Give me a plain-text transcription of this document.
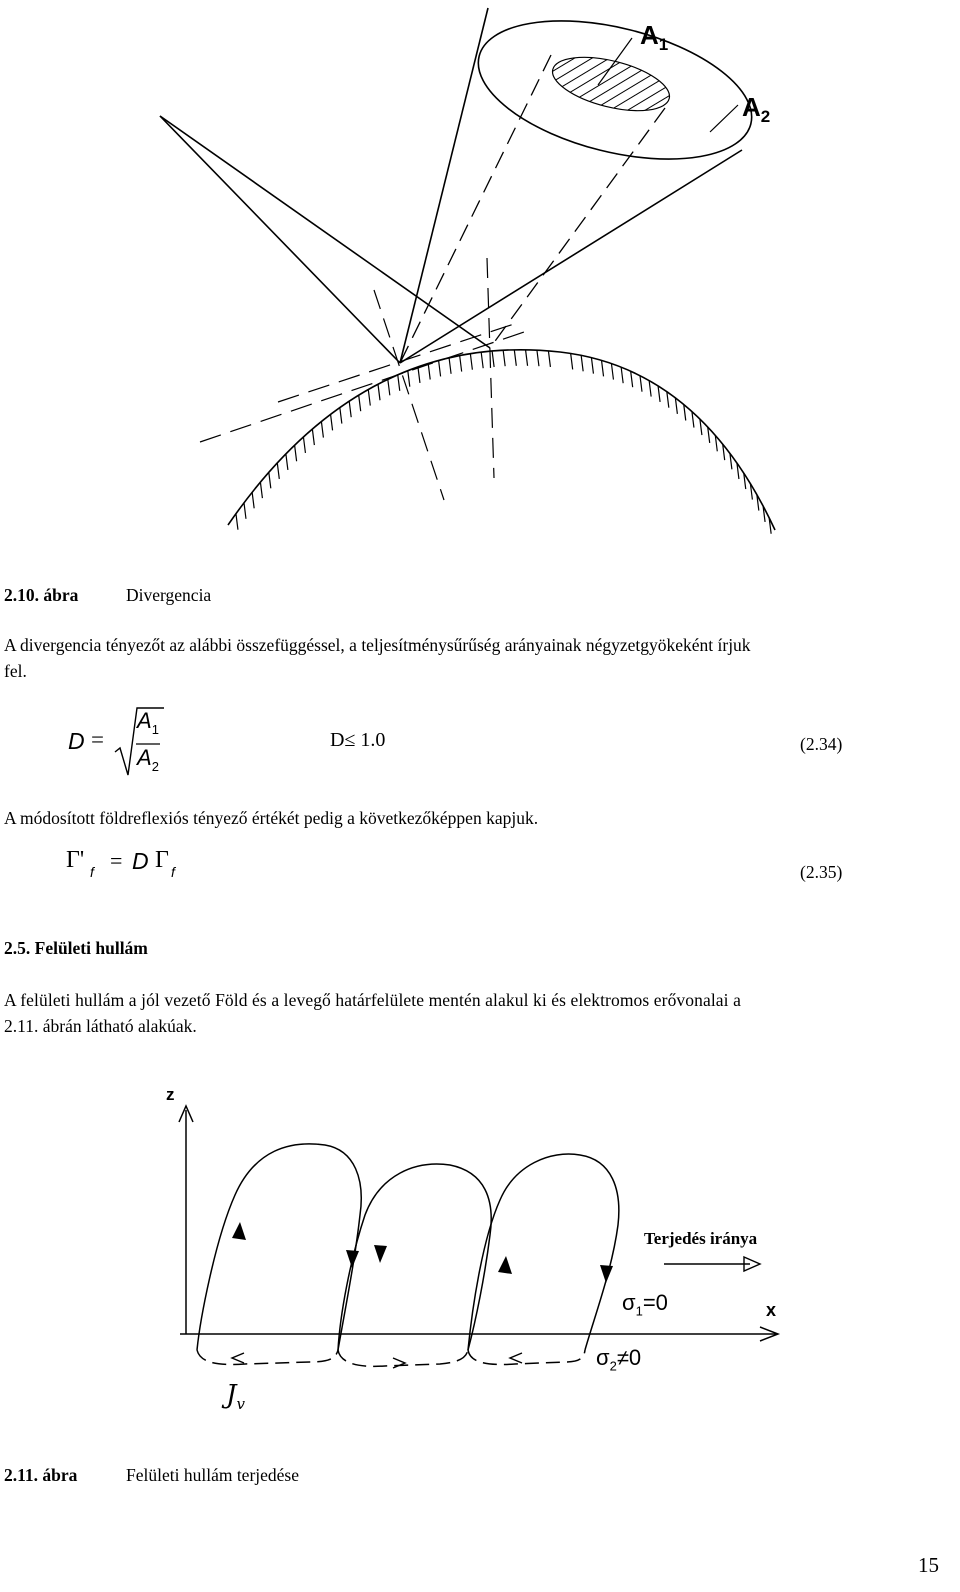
$A_1$
$A_2$
2.10. ábra	Divergencia
A divergencia tényezőt az alábbi összefüggéssel, a teljesítménysűrűség arányainak négyzetgyökeként írjuk
fel.
D =
$A_1$
$A_2$
D≤ 1.0	(2.34)
A módosított földreflexiós tényező értékét pedig a következőképpen kapjuk.
Γ' f = D Γ f	(2.35)
2.5. Felületi hullám
A felületi hullám a jól vezető Föld és a levegő határfelülete mentén alakul ki és elektromos erővonalai a
2.11. ábrán látható alakúak.
z
x
Terjedés iránya
$\sigma_1=0$
$\sigma_2\ne 0$
$J_v$
2.11. ábra	Felületi hullám terjedése
15
